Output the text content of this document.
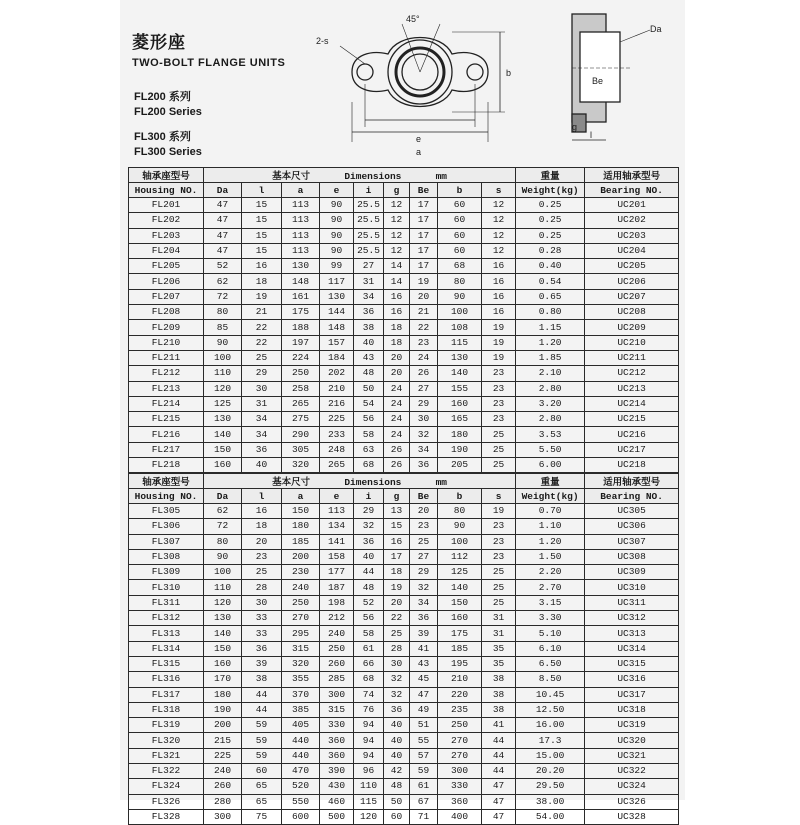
菱形座
TWO-BOLT FLANGE UNITS
FL200 系列
FL200 Series
FL300 系列
FL300 Series
45°
2-s
e
a
b
g
l
Be
Da
轴承座型号	基本尺寸 Dimensions mm									重量	适用轴承型号
Housing NO.	Da	l	a	e	i	g	Be	b	s	Weight(kg)	Bearing NO.
FL201	47	15	113	90	25.5	12	17	60	12	0.25	UC201
FL202	47	15	113	90	25.5	12	17	60	12	0.25	UC202
FL203	47	15	113	90	25.5	12	17	60	12	0.25	UC203
FL204	47	15	113	90	25.5	12	17	60	12	0.28	UC204
FL205	52	16	130	99	27	14	17	68	16	0.40	UC205
FL206	62	18	148	117	31	14	19	80	16	0.54	UC206
FL207	72	19	161	130	34	16	20	90	16	0.65	UC207
FL208	80	21	175	144	36	16	21	100	16	0.80	UC208
FL209	85	22	188	148	38	18	22	108	19	1.15	UC209
FL210	90	22	197	157	40	18	23	115	19	1.20	UC210
FL211	100	25	224	184	43	20	24	130	19	1.85	UC211
FL212	110	29	250	202	48	20	26	140	23	2.10	UC212
FL213	120	30	258	210	50	24	27	155	23	2.80	UC213
FL214	125	31	265	216	54	24	29	160	23	3.20	UC214
FL215	130	34	275	225	56	24	30	165	23	2.80	UC215
FL216	140	34	290	233	58	24	32	180	25	3.53	UC216
FL217	150	36	305	248	63	26	34	190	25	5.50	UC217
FL218	160	40	320	265	68	26	36	205	25	6.00	UC218
轴承座型号	基本尺寸 Dimensions mm									重量	适用轴承型号
Housing NO.	Da	l	a	e	i	g	Be	b	s	Weight(kg)	Bearing NO.
FL305	62	16	150	113	29	13	20	80	19	0.70	UC305
FL306	72	18	180	134	32	15	23	90	23	1.10	UC306
FL307	80	20	185	141	36	16	25	100	23	1.20	UC307
FL308	90	23	200	158	40	17	27	112	23	1.50	UC308
FL309	100	25	230	177	44	18	29	125	25	2.20	UC309
FL310	110	28	240	187	48	19	32	140	25	2.70	UC310
FL311	120	30	250	198	52	20	34	150	25	3.15	UC311
FL312	130	33	270	212	56	22	36	160	31	3.30	UC312
FL313	140	33	295	240	58	25	39	175	31	5.10	UC313
FL314	150	36	315	250	61	28	41	185	35	6.10	UC314
FL315	160	39	320	260	66	30	43	195	35	6.50	UC315
FL316	170	38	355	285	68	32	45	210	38	8.50	UC316
FL317	180	44	370	300	74	32	47	220	38	10.45	UC317
FL318	190	44	385	315	76	36	49	235	38	12.50	UC318
FL319	200	59	405	330	94	40	51	250	41	16.00	UC319
FL320	215	59	440	360	94	40	55	270	44	17.3	UC320
FL321	225	59	440	360	94	40	57	270	44	15.00	UC321
FL322	240	60	470	390	96	42	59	300	44	20.20	UC322
FL324	260	65	520	430	110	48	61	330	47	29.50	UC324
FL326	280	65	550	460	115	50	67	360	47	38.00	UC326
FL328	300	75	600	500	120	60	71	400	47	54.00	UC328
